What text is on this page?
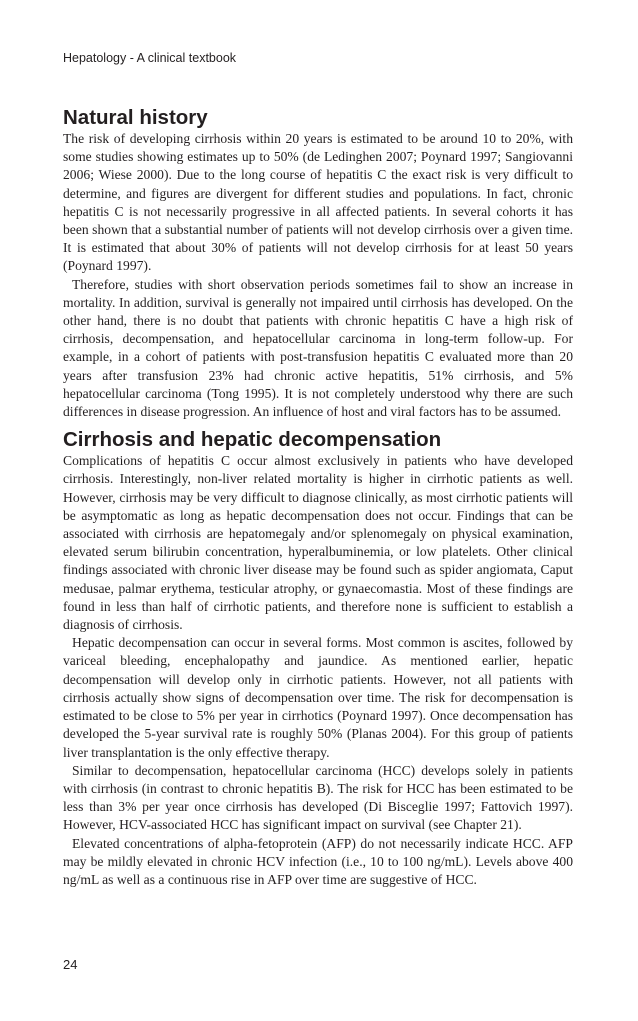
Hepatology - A clinical textbook
Natural history

The risk of developing cirrhosis within 20 years is estimated to be around 10 to 20%, with some studies showing estimates up to 50% (de Ledinghen 2007; Poynard 1997; Sangiovanni 2006; Wiese 2000). Due to the long course of hepatitis C the exact risk is very difficult to determine, and figures are divergent for different studies and populations. In fact, chronic hepatitis C is not necessarily progressive in all affected patients. In several cohorts it has been shown that a substantial number of patients will not develop cirrhosis over a given time. It is estimated that about 30% of patients will not develop cirrhosis for at least 50 years (Poynard 1997).

Therefore, studies with short observation periods sometimes fail to show an increase in mortality. In addition, survival is generally not impaired until cirrhosis has developed. On the other hand, there is no doubt that patients with chronic hepatitis C have a high risk of cirrhosis, decompensation, and hepatocellular carcinoma in long-term follow-up. For example, in a cohort of patients with post-transfusion hepatitis C evaluated more than 20 years after transfusion 23% had chronic active hepatitis, 51% cirrhosis, and 5% hepatocellular carcinoma (Tong 1995). It is not completely understood why there are such differences in disease progression. An influence of host and viral factors has to be assumed.

Cirrhosis and hepatic decompensation

Complications of hepatitis C occur almost exclusively in patients who have developed cirrhosis. Interestingly, non-liver related mortality is higher in cirrhotic patients as well. However, cirrhosis may be very difficult to diagnose clinically, as most cirrhotic patients will be asymptomatic as long as hepatic decompensation does not occur. Findings that can be associated with cirrhosis are hepatomegaly and/or splenomegaly on physical examination, elevated serum bilirubin concentration, hyperalbuminemia, or low platelets. Other clinical findings associated with chronic liver disease may be found such as spider angiomata, Caput medusae, palmar erythema, testicular atrophy, or gynaecomastia. Most of these findings are found in less than half of cirrhotic patients, and therefore none is sufficient to establish a diagnosis of cirrhosis.

Hepatic decompensation can occur in several forms. Most common is ascites, followed by variceal bleeding, encephalopathy and jaundice. As mentioned earlier, hepatic decompensation will develop only in cirrhotic patients. However, not all patients with cirrhosis actually show signs of decompensation over time. The risk for decompensation is estimated to be close to 5% per year in cirrhotics (Poynard 1997). Once decompensation has developed the 5-year survival rate is roughly 50% (Planas 2004). For this group of patients liver transplantation is the only effective therapy.

Similar to decompensation, hepatocellular carcinoma (HCC) develops solely in patients with cirrhosis (in contrast to chronic hepatitis B). The risk for HCC has been estimated to be less than 3% per year once cirrhosis has developed (Di Bisceglie 1997; Fattovich 1997). However, HCV-associated HCC has significant impact on survival (see Chapter 21).

Elevated concentrations of alpha-fetoprotein (AFP) do not necessarily indicate HCC. AFP may be mildly elevated in chronic HCV infection (i.e., 10 to 100 ng/mL). Levels above 400 ng/mL as well as a continuous rise in AFP over time are suggestive of HCC.

24
